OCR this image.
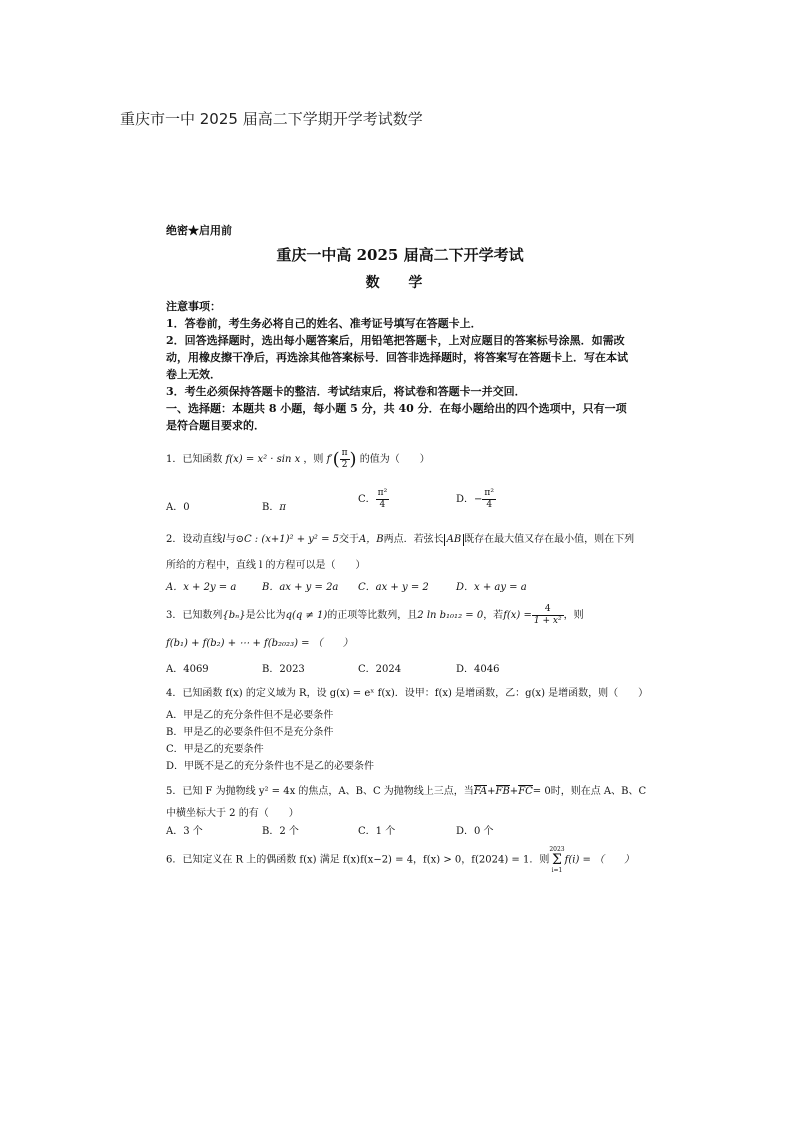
重庆市一中 2025 届高二下学期开学考试数学
绝密★启用前
重庆一中高 2025 届高二下开学考试
数 学

注意事项：

1．答卷前，考生务必将自己的姓名、准考证号填写在答题卡上．

2．回答选择题时，选出每小题答案后，用铅笔把答题卡，上对应题目的答案标号涂黑．如需改动，用橡皮擦干净后，再选涂其他答案标号．回答非选择题时，将答案写在答题卡上．写在本试卷上无效．

3．考生必须保持答题卡的整洁．考试结束后，将试卷和答题卡一并交回．

一、选择题：本题共 8 小题，每小题 5 分，共 40 分．在每小题给出的四个选项中，只有一项是符合题目要求的．

1．已知函数 f(x) = x² · sin x ，则 $f'( \frac{\pi}{2}$ ) 的值为（　　）
A．0	B．π
C． $\frac{\text{π²}}{4}$	D．− $\frac{\text{π²}}{4}$
2．设动直线l与⊙C : (x+1)² + y² = 5交于A，B两点．若弦长 AB 既存在最大值又存在最小值，则在下列
所给的方程中，直线 l 的方程可以是（　　）
A．x + 2y = a	B．ax + y = 2a C．ax + y = 2	D．x + ay = a
3．已知数列{bₙ}是公比为q(q ≠ 1)的正项等比数列，且2 ln b₁₀₁₂ = 0，若$f(x) = \frac{4}{\text{1 + x²}}$ ，则
f(b₁) + f(b₂) + ⋯ + f(b₂₀₂₃) = （　　）
A．4069	B．2023	C．2024	D．4046
4．已知函数 f(x) 的定义域为 R，设 g(x) = eˣ f(x)．设甲：f(x) 是增函数，乙：g(x) 是增函数，则（　　）
A．甲是乙的充分条件但不是必要条件
B．甲是乙的必要条件但不是充分条件
C．甲是乙的充要条件
D．甲既不是乙的充分条件也不是乙的必要条件
5．已知 F 为抛物线 y² = 4x 的焦点，A、B、C 为抛物线上三点，当FA+FB+FC= 0时，则在点 A、B、C
中横坐标大于 2 的有（　　）
A．3 个	B．2 个	C．1 个	D．0 个
6．已知定义在 R 上的偶函数 f(x) 满足 f(x)f(x−2) = 4，f(x) > 0，f(2024) = 1．则2023
Σ
i=1f(i) = （　　）
